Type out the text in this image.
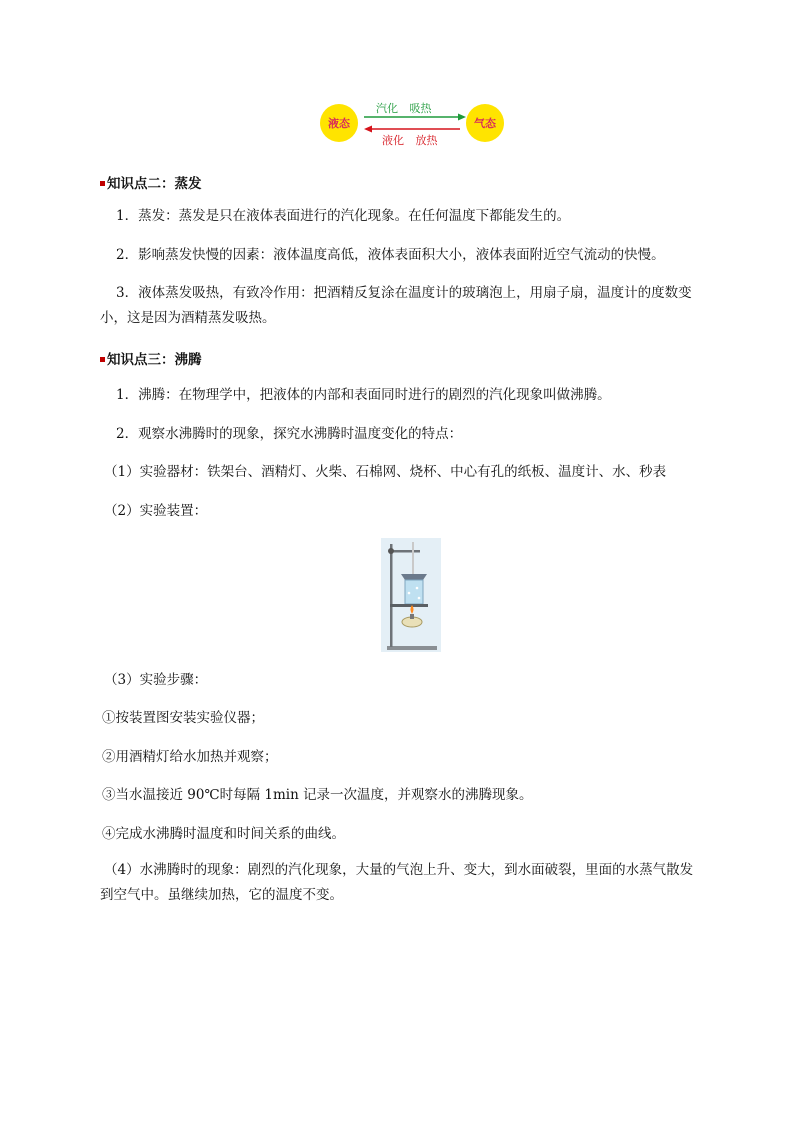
液态	气态
汽化 吸热
液化 放热
知识点二：蒸发
1．蒸发：蒸发是只在液体表面进行的汽化现象。在任何温度下都能发生的。
2．影响蒸发快慢的因素：液体温度高低，液体表面积大小，液体表面附近空气流动的快慢。
3．液体蒸发吸热，有致冷作用：把酒精反复涂在温度计的玻璃泡上，用扇子扇，温度计的度数变小，这是因为酒精蒸发吸热。
知识点三：沸腾
1．沸腾：在物理学中，把液体的内部和表面同时进行的剧烈的汽化现象叫做沸腾。
2．观察水沸腾时的现象，探究水沸腾时温度变化的特点：
（1）实验器材：铁架台、酒精灯、火柴、石棉网、烧杯、中心有孔的纸板、温度计、水、秒表
（2）实验装置：
（3）实验步骤：
①按装置图安装实验仪器；
②用酒精灯给水加热并观察；
③当水温接近 90℃时每隔 1min 记录一次温度，并观察水的沸腾现象。
④完成水沸腾时温度和时间关系的曲线。
（4）水沸腾时的现象：剧烈的汽化现象，大量的气泡上升、变大，到水面破裂，里面的水蒸气散发到空气中。虽继续加热，它的温度不变。
